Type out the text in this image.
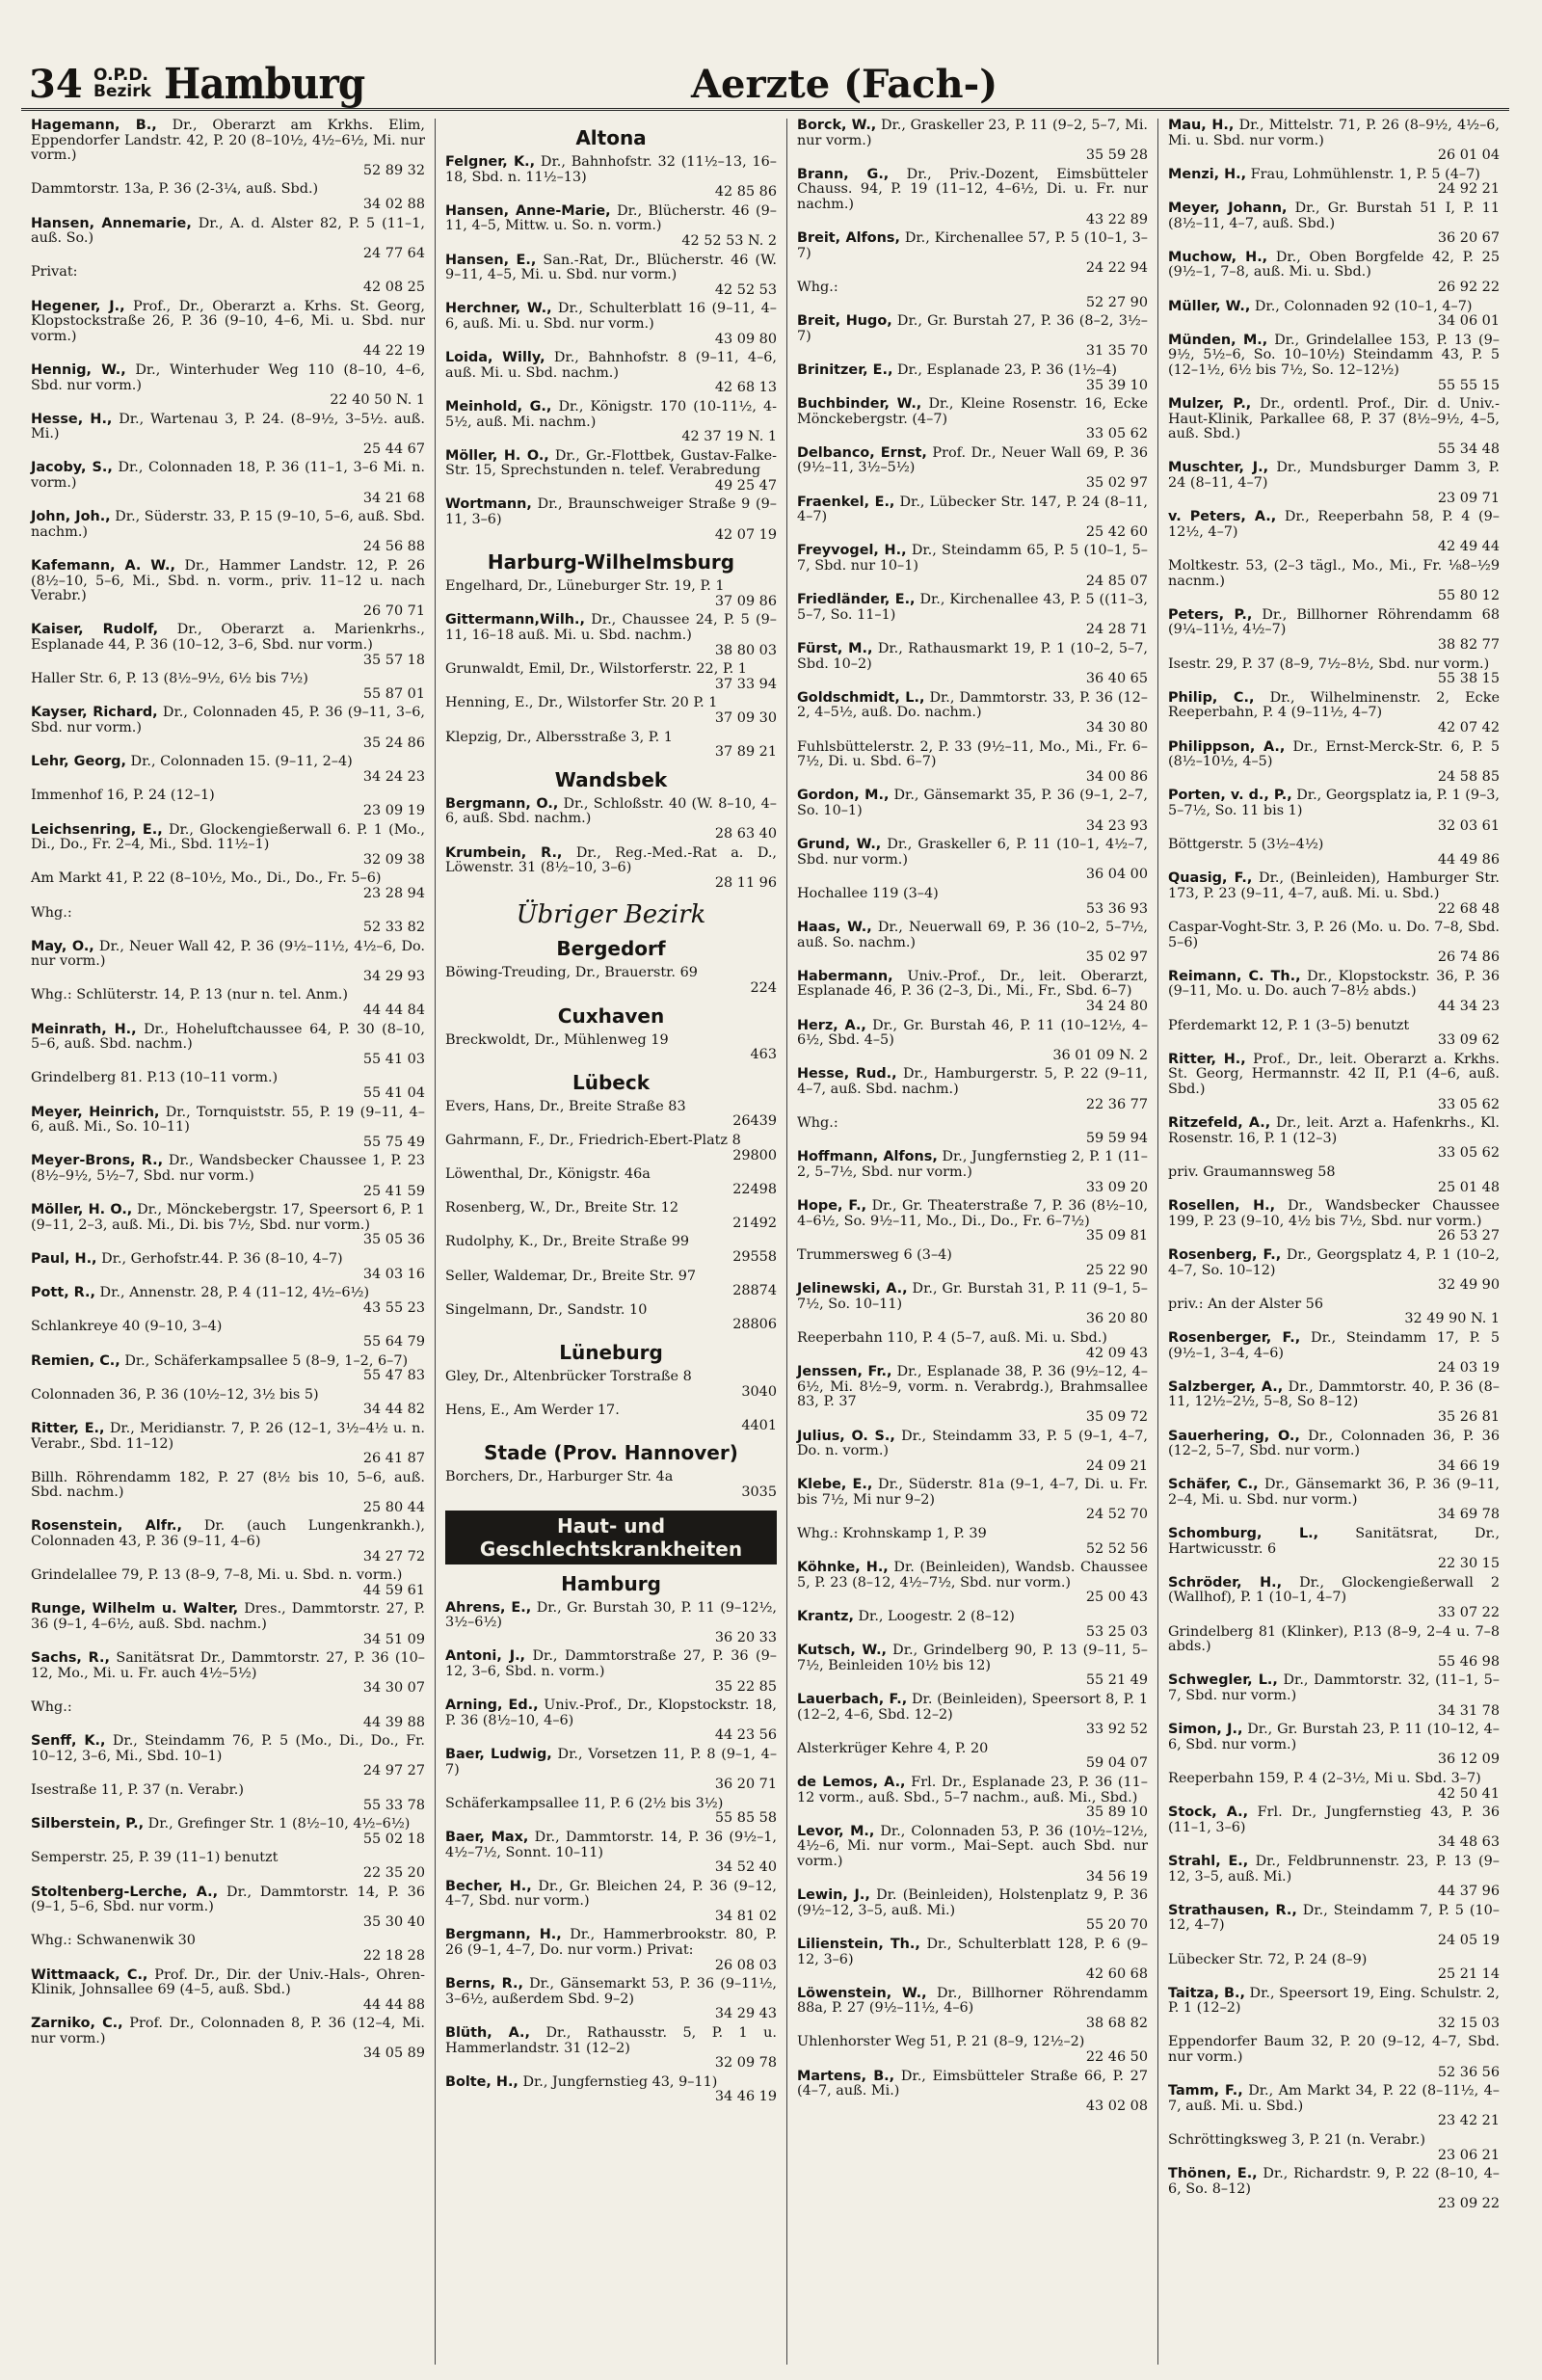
34 O.P.D.
Bezirk Hamburg	Aerzte (Fach-)
Hagemann, B., Dr., Oberarzt am Krkhs. Elim, Eppendorfer Landstr. 42, P. 20 (8–10½, 4½–6½, Mi. nur vorm.)
52 89 32
Dammtorstr. 13a, P. 36 (2-3¼, auß. Sbd.)
34 02 88
Hansen, Annemarie, Dr., A. d. Alster 82, P. 5 (11–1, auß. So.)
24 77 64
Privat:
42 08 25
Hegener, J., Prof., Dr., Oberarzt a. Krhs. St. Georg, Klopstockstraße 26, P. 36 (9–10, 4–6, Mi. u. Sbd. nur vorm.)
44 22 19
Hennig, W., Dr., Winterhuder Weg 110 (8–10, 4–6, Sbd. nur vorm.)
22 40 50 N. 1
Hesse, H., Dr., Wartenau 3, P. 24. (8–9½, 3–5½. auß. Mi.)
25 44 67
Jacoby, S., Dr., Colonnaden 18, P. 36 (11–1, 3–6 Mi. n. vorm.)
34 21 68
John, Joh., Dr., Süderstr. 33, P. 15 (9–10, 5–6, auß. Sbd. nachm.)
24 56 88
Kafemann, A. W., Dr., Hammer Landstr. 12, P. 26 (8½–10, 5–6, Mi., Sbd. n. vorm., priv. 11–12 u. nach Verabr.)
26 70 71
Kaiser, Rudolf, Dr., Oberarzt a. Marienkrhs., Esplanade 44, P. 36 (10–12, 3–6, Sbd. nur vorm.)
35 57 18
Haller Str. 6, P. 13 (8½–9½, 6½ bis 7½)
55 87 01
Kayser, Richard, Dr., Colonnaden 45, P. 36 (9–11, 3–6, Sbd. nur vorm.)
35 24 86
Lehr, Georg, Dr., Colonnaden 15. (9–11, 2–4)
34 24 23
Immenhof 16, P. 24 (12–1)
23 09 19
Leichsenring, E., Dr., Glockengießerwall 6. P. 1 (Mo., Di., Do., Fr. 2–4, Mi., Sbd. 11½–1)
32 09 38
Am Markt 41, P. 22 (8–10½, Mo., Di., Do., Fr. 5–6)
23 28 94
Whg.:
52 33 82
May, O., Dr., Neuer Wall 42, P. 36 (9½–11½, 4½–6, Do. nur vorm.)
34 29 93
Whg.: Schlüterstr. 14, P. 13 (nur n. tel. Anm.)
44 44 84
Meinrath, H., Dr., Hoheluftchaussee 64, P. 30 (8–10, 5–6, auß. Sbd. nachm.)
55 41 03
Grindelberg 81. P.13 (10–11 vorm.)
55 41 04
Meyer, Heinrich, Dr., Tornquiststr. 55, P. 19 (9–11, 4–6, auß. Mi., So. 10–11)
55 75 49
Meyer-Brons, R., Dr., Wandsbecker Chaussee 1, P. 23 (8½–9½, 5½–7, Sbd. nur vorm.)
25 41 59
Möller, H. O., Dr., Mönckebergstr. 17, Speersort 6, P. 1 (9–11, 2–3, auß. Mi., Di. bis 7½, Sbd. nur vorm.)
35 05 36
Paul, H., Dr., Gerhofstr.44. P. 36 (8–10, 4–7)
34 03 16
Pott, R., Dr., Annenstr. 28, P. 4 (11–12, 4½–6½)
43 55 23
Schlankreye 40 (9–10, 3–4)
55 64 79
Remien, C., Dr., Schäferkampsallee 5 (8–9, 1–2, 6–7)
55 47 83
Colonnaden 36, P. 36 (10½–12, 3½ bis 5)
34 44 82
Ritter, E., Dr., Meridianstr. 7, P. 26 (12–1, 3½–4½ u. n. Verabr., Sbd. 11–12)
26 41 87
Billh. Röhrendamm 182, P. 27 (8½ bis 10, 5–6, auß. Sbd. nachm.)
25 80 44
Rosenstein, Alfr., Dr. (auch Lungenkrankh.), Colonnaden 43, P. 36 (9–11, 4–6)
34 27 72
Grindelallee 79, P. 13 (8–9, 7–8, Mi. u. Sbd. n. vorm.)
44 59 61
Runge, Wilhelm u. Walter, Dres., Dammtorstr. 27, P. 36 (9–1, 4–6½, auß. Sbd. nachm.)
34 51 09
Sachs, R., Sanitätsrat Dr., Dammtorstr. 27, P. 36 (10–12, Mo., Mi. u. Fr. auch 4½–5½)
34 30 07
Whg.:
44 39 88
Senff, K., Dr., Steindamm 76, P. 5 (Mo., Di., Do., Fr. 10–12, 3–6, Mi., Sbd. 10–1)
24 97 27
Isestraße 11, P. 37 (n. Verabr.)
55 33 78
Silberstein, P., Dr., Grefinger Str. 1 (8½–10, 4½–6½)
55 02 18
Semperstr. 25, P. 39 (11–1) benutzt
22 35 20
Stoltenberg-Lerche, A., Dr., Dammtorstr. 14, P. 36 (9–1, 5–6, Sbd. nur vorm.)
35 30 40
Whg.: Schwanenwik 30
22 18 28
Wittmaack, C., Prof. Dr., Dir. der Univ.-Hals-, Ohren-Klinik, Johnsallee 69 (4–5, auß. Sbd.)
44 44 88
Zarniko, C., Prof. Dr., Colonnaden 8, P. 36 (12–4, Mi. nur vorm.)
34 05 89
Altona
Felgner, K., Dr., Bahnhofstr. 32 (11½–13, 16–18, Sbd. n. 11½–13)
42 85 86
Hansen, Anne-Marie, Dr., Blücherstr. 46 (9–11, 4–5, Mittw. u. So. n. vorm.)
42 52 53 N. 2
Hansen, E., San.-Rat, Dr., Blücherstr. 46 (W. 9–11, 4–5, Mi. u. Sbd. nur vorm.)
42 52 53
Herchner, W., Dr., Schulterblatt 16 (9–11, 4–6, auß. Mi. u. Sbd. nur vorm.)
43 09 80
Loida, Willy, Dr., Bahnhofstr. 8 (9–11, 4–6, auß. Mi. u. Sbd. nachm.)
42 68 13
Meinhold, G., Dr., Königstr. 170 (10-11½, 4-5½, auß. Mi. nachm.)
42 37 19 N. 1
Möller, H. O., Dr., Gr.-Flottbek, Gustav-Falke-Str. 15, Sprechstunden n. telef. Verabredung
49 25 47
Wortmann, Dr., Braunschweiger Straße 9 (9–11, 3–6)
42 07 19
Harburg-Wilhelmsburg
Engelhard, Dr., Lüneburger Str. 19, P. 1
37 09 86
Gittermann,Wilh., Dr., Chaussee 24, P. 5 (9–11, 16–18 auß. Mi. u. Sbd. nachm.)
38 80 03
Grunwaldt, Emil, Dr., Wilstorferstr. 22, P. 1
37 33 94
Henning, E., Dr., Wilstorfer Str. 20 P. 1
37 09 30
Klepzig, Dr., Albersstraße 3, P. 1
37 89 21
Wandsbek
Bergmann, O., Dr., Schloßstr. 40 (W. 8–10, 4–6, auß. Sbd. nachm.)
28 63 40
Krumbein, R., Dr., Reg.-Med.-Rat a. D., Löwenstr. 31 (8½–10, 3–6)
28 11 96
Übriger Bezirk
Bergedorf
Böwing-Treuding, Dr., Brauerstr. 69
224
Cuxhaven
Breckwoldt, Dr., Mühlenweg 19
463
Lübeck
Evers, Hans, Dr., Breite Straße 83
26439
Gahrmann, F., Dr., Friedrich-Ebert-Platz 8
29800
Löwenthal, Dr., Königstr. 46a
22498
Rosenberg, W., Dr., Breite Str. 12
21492
Rudolphy, K., Dr., Breite Straße 99
29558
Seller, Waldemar, Dr., Breite Str. 97
28874
Singelmann, Dr., Sandstr. 10
28806
Lüneburg
Gley, Dr., Altenbrücker Torstraße 8
3040
Hens, E., Am Werder 17.
4401
Stade (Prov. Hannover)
Borchers, Dr., Harburger Str. 4a
3035
Haut- und Geschlechtskrankheiten
Hamburg
Ahrens, E., Dr., Gr. Burstah 30, P. 11 (9–12½, 3½–6½)
36 20 33
Antoni, J., Dr., Dammtorstraße 27, P. 36 (9–12, 3–6, Sbd. n. vorm.)
35 22 85
Arning, Ed., Univ.-Prof., Dr., Klopstockstr. 18, P. 36 (8½–10, 4–6)
44 23 56
Baer, Ludwig, Dr., Vorsetzen 11, P. 8 (9–1, 4–7)
36 20 71
Schäferkampsallee 11, P. 6 (2½ bis 3½)
55 85 58
Baer, Max, Dr., Dammtorstr. 14, P. 36 (9½–1, 4½–7½, Sonnt. 10–11)
34 52 40
Becher, H., Dr., Gr. Bleichen 24, P. 36 (9–12, 4–7, Sbd. nur vorm.)
34 81 02
Bergmann, H., Dr., Hammerbrookstr. 80, P. 26 (9–1, 4–7, Do. nur vorm.) Privat:
26 08 03
Berns, R., Dr., Gänsemarkt 53, P. 36 (9–11½, 3–6½, außerdem Sbd. 9–2)
34 29 43
Blüth, A., Dr., Rathausstr. 5, P. 1 u. Hammerlandstr. 31 (12–2)
32 09 78
Bolte, H., Dr., Jungfernstieg 43, 9–11)
34 46 19
Borck, W., Dr., Graskeller 23, P. 11 (9–2, 5–7, Mi. nur vorm.)
35 59 28
Brann, G., Dr., Priv.-Dozent, Eimsbütteler Chauss. 94, P. 19 (11–12, 4–6½, Di. u. Fr. nur nachm.)
43 22 89
Breit, Alfons, Dr., Kirchenallee 57, P. 5 (10–1, 3–7)
24 22 94
Whg.:
52 27 90
Breit, Hugo, Dr., Gr. Burstah 27, P. 36 (8–2, 3½–7)
31 35 70
Brinitzer, E., Dr., Esplanade 23, P. 36 (1½–4)
35 39 10
Buchbinder, W., Dr., Kleine Rosenstr. 16, Ecke Mönckebergstr. (4–7)
33 05 62
Delbanco, Ernst, Prof. Dr., Neuer Wall 69, P. 36 (9½–11, 3½–5½)
35 02 97
Fraenkel, E., Dr., Lübecker Str. 147, P. 24 (8–11, 4–7)
25 42 60
Freyvogel, H., Dr., Steindamm 65, P. 5 (10–1, 5–7, Sbd. nur 10–1)
24 85 07
Friedländer, E., Dr., Kirchenallee 43, P. 5 ((11–3, 5–7, So. 11–1)
24 28 71
Fürst, M., Dr., Rathausmarkt 19, P. 1 (10–2, 5–7, Sbd. 10–2)
36 40 65
Goldschmidt, L., Dr., Dammtorstr. 33, P. 36 (12–2, 4–5½, auß. Do. nachm.)
34 30 80
Fuhlsbüttelerstr. 2, P. 33 (9½–11, Mo., Mi., Fr. 6–7½, Di. u. Sbd. 6–7)
34 00 86
Gordon, M., Dr., Gänsemarkt 35, P. 36 (9–1, 2–7, So. 10–1)
34 23 93
Grund, W., Dr., Graskeller 6, P. 11 (10–1, 4½–7, Sbd. nur vorm.)
36 04 00
Hochallee 119 (3–4)
53 36 93
Haas, W., Dr., Neuerwall 69, P. 36 (10–2, 5–7½, auß. So. nachm.)
35 02 97
Habermann, Univ.-Prof., Dr., leit. Oberarzt, Esplanade 46, P. 36 (2–3, Di., Mi., Fr., Sbd. 6–7)
34 24 80
Herz, A., Dr., Gr. Burstah 46, P. 11 (10–12½, 4–6½, Sbd. 4–5)
36 01 09 N. 2
Hesse, Rud., Dr., Hamburgerstr. 5, P. 22 (9–11, 4–7, auß. Sbd. nachm.)
22 36 77
Whg.:
59 59 94
Hoffmann, Alfons, Dr., Jungfernstieg 2, P. 1 (11–2, 5–7½, Sbd. nur vorm.)
33 09 20
Hope, F., Dr., Gr. Theaterstraße 7, P. 36 (8½–10, 4–6½, So. 9½–11, Mo., Di., Do., Fr. 6–7½)
35 09 81
Trummersweg 6 (3–4)
25 22 90
Jelinewski, A., Dr., Gr. Burstah 31, P. 11 (9–1, 5–7½, So. 10–11)
36 20 80
Reeperbahn 110, P. 4 (5–7, auß. Mi. u. Sbd.)
42 09 43
Jenssen, Fr., Dr., Esplanade 38, P. 36 (9½–12, 4–6½, Mi. 8½–9, vorm. n. Verabrdg.), Brahmsallee 83, P. 37
35 09 72
Julius, O. S., Dr., Steindamm 33, P. 5 (9–1, 4–7, Do. n. vorm.)
24 09 21
Klebe, E., Dr., Süderstr. 81a (9–1, 4–7, Di. u. Fr. bis 7½, Mi nur 9–2)
24 52 70
Whg.: Krohnskamp 1, P. 39
52 52 56
Köhnke, H., Dr. (Beinleiden), Wandsb. Chaussee 5, P. 23 (8–12, 4½–7½, Sbd. nur vorm.)
25 00 43
Krantz, Dr., Loogestr. 2 (8–12)
53 25 03
Kutsch, W., Dr., Grindelberg 90, P. 13 (9–11, 5–7½, Beinleiden 10½ bis 12)
55 21 49
Lauerbach, F., Dr. (Beinleiden), Speersort 8, P. 1 (12–2, 4–6, Sbd. 12–2)
33 92 52
Alsterkrüger Kehre 4, P. 20
59 04 07
de Lemos, A., Frl. Dr., Esplanade 23, P. 36 (11–12 vorm., auß. Sbd., 5–7 nachm., auß. Mi., Sbd.)
35 89 10
Levor, M., Dr., Colonnaden 53, P. 36 (10½–12½, 4½–6, Mi. nur vorm., Mai–Sept. auch Sbd. nur vorm.)
34 56 19
Lewin, J., Dr. (Beinleiden), Holstenplatz 9, P. 36 (9½–12, 3–5, auß. Mi.)
55 20 70
Lilienstein, Th., Dr., Schulterblatt 128, P. 6 (9–12, 3–6)
42 60 68
Löwenstein, W., Dr., Billhorner Röhrendamm 88a, P. 27 (9½–11½, 4–6)
38 68 82
Uhlenhorster Weg 51, P. 21 (8–9, 12½–2)
22 46 50
Martens, B., Dr., Eimsbütteler Straße 66, P. 27 (4–7, auß. Mi.)
43 02 08
Mau, H., Dr., Mittelstr. 71, P. 26 (8–9½, 4½–6, Mi. u. Sbd. nur vorm.)
26 01 04
Menzi, H., Frau, Lohmühlenstr. 1, P. 5 (4–7)
24 92 21
Meyer, Johann, Dr., Gr. Burstah 51 I, P. 11 (8½–11, 4–7, auß. Sbd.)
36 20 67
Muchow, H., Dr., Oben Borgfelde 42, P. 25 (9½–1, 7–8, auß. Mi. u. Sbd.)
26 92 22
Müller, W., Dr., Colonnaden 92 (10–1, 4–7)
34 06 01
Münden, M., Dr., Grindelallee 153, P. 13 (9–9½, 5½–6, So. 10–10½) Steindamm 43, P. 5 (12–1½, 6½ bis 7½, So. 12–12½)
55 55 15
Mulzer, P., Dr., ordentl. Prof., Dir. d. Univ.-Haut-Klinik, Parkallee 68, P. 37 (8½–9½, 4–5, auß. Sbd.)
55 34 48
Muschter, J., Dr., Mundsburger Damm 3, P. 24 (8–11, 4–7)
23 09 71
v. Peters, A., Dr., Reeperbahn 58, P. 4 (9–12½, 4–7)
42 49 44
Moltkestr. 53, (2–3 tägl., Mo., Mi., Fr. ⅛8–½9 nacnm.)
55 80 12
Peters, P., Dr., Billhorner Röhrendamm 68 (9¼–11½, 4½–7)
38 82 77
Isestr. 29, P. 37 (8–9, 7½–8½, Sbd. nur vorm.)
55 38 15
Philip, C., Dr., Wilhelminenstr. 2, Ecke Reeperbahn, P. 4 (9–11½, 4–7)
42 07 42
Philippson, A., Dr., Ernst-Merck-Str. 6, P. 5 (8½–10½, 4–5)
24 58 85
Porten, v. d., P., Dr., Georgsplatz ia, P. 1 (9–3, 5–7½, So. 11 bis 1)
32 03 61
Böttgerstr. 5 (3½–4½)
44 49 86
Quasig, F., Dr., (Beinleiden), Hamburger Str. 173, P. 23 (9–11, 4–7, auß. Mi. u. Sbd.)
22 68 48
Caspar-Voght-Str. 3, P. 26 (Mo. u. Do. 7–8, Sbd. 5–6)
26 74 86
Reimann, C. Th., Dr., Klopstockstr. 36, P. 36 (9–11, Mo. u. Do. auch 7–8½ abds.)
44 34 23
Pferdemarkt 12, P. 1 (3–5) benutzt
33 09 62
Ritter, H., Prof., Dr., leit. Oberarzt a. Krkhs. St. Georg, Hermannstr. 42 II, P.1 (4–6, auß. Sbd.)
33 05 62
Ritzefeld, A., Dr., leit. Arzt a. Hafenkrhs., Kl. Rosenstr. 16, P. 1 (12–3)
33 05 62
priv. Graumannsweg 58
25 01 48
Rosellen, H., Dr., Wandsbecker Chaussee 199, P. 23 (9–10, 4½ bis 7½, Sbd. nur vorm.)
26 53 27
Rosenberg, F., Dr., Georgsplatz 4, P. 1 (10–2, 4–7, So. 10–12)
32 49 90
priv.: An der Alster 56
32 49 90 N. 1
Rosenberger, F., Dr., Steindamm 17, P. 5 (9½–1, 3–4, 4–6)
24 03 19
Salzberger, A., Dr., Dammtorstr. 40, P. 36 (8–11, 12½–2½, 5–8, So 8–12)
35 26 81
Sauerhering, O., Dr., Colonnaden 36, P. 36 (12–2, 5–7, Sbd. nur vorm.)
34 66 19
Schäfer, C., Dr., Gänsemarkt 36, P. 36 (9–11, 2–4, Mi. u. Sbd. nur vorm.)
34 69 78
Schomburg, L.,	Sanitätsrat, Dr., Hartwicusstr. 6
22 30 15
Schröder, H., Dr., Glockengießerwall 2 (Wallhof), P. 1 (10–1, 4–7)
33 07 22
Grindelberg 81 (Klinker), P.13 (8–9, 2–4 u. 7–8 abds.)
55 46 98
Schwegler, L., Dr., Dammtorstr. 32, (11–1, 5–7, Sbd. nur vorm.)
34 31 78
Simon, J., Dr., Gr. Burstah 23, P. 11 (10–12, 4–6, Sbd. nur vorm.)
36 12 09
Reeperbahn 159, P. 4 (2–3½, Mi u. Sbd. 3–7)
42 50 41
Stock, A., Frl. Dr., Jungfernstieg 43, P. 36 (11–1, 3–6)
34 48 63
Strahl, E., Dr., Feldbrunnenstr. 23, P. 13 (9–12, 3–5, auß. Mi.)
44 37 96
Strathausen, R., Dr., Steindamm 7, P. 5 (10–12, 4–7)
24 05 19
Lübecker Str. 72, P. 24 (8–9)
25 21 14
Taitza, B., Dr., Speersort 19, Eing. Schulstr. 2, P. 1 (12–2)
32 15 03
Eppendorfer Baum 32, P. 20 (9–12, 4–7, Sbd. nur vorm.)
52 36 56
Tamm, F., Dr., Am Markt 34, P. 22 (8–11½, 4–7, auß. Mi. u. Sbd.)
23 42 21
Schröttingksweg 3, P. 21 (n. Verabr.)
23 06 21
Thönen, E., Dr., Richardstr. 9, P. 22 (8–10, 4–6, So. 8–12)
23 09 22
